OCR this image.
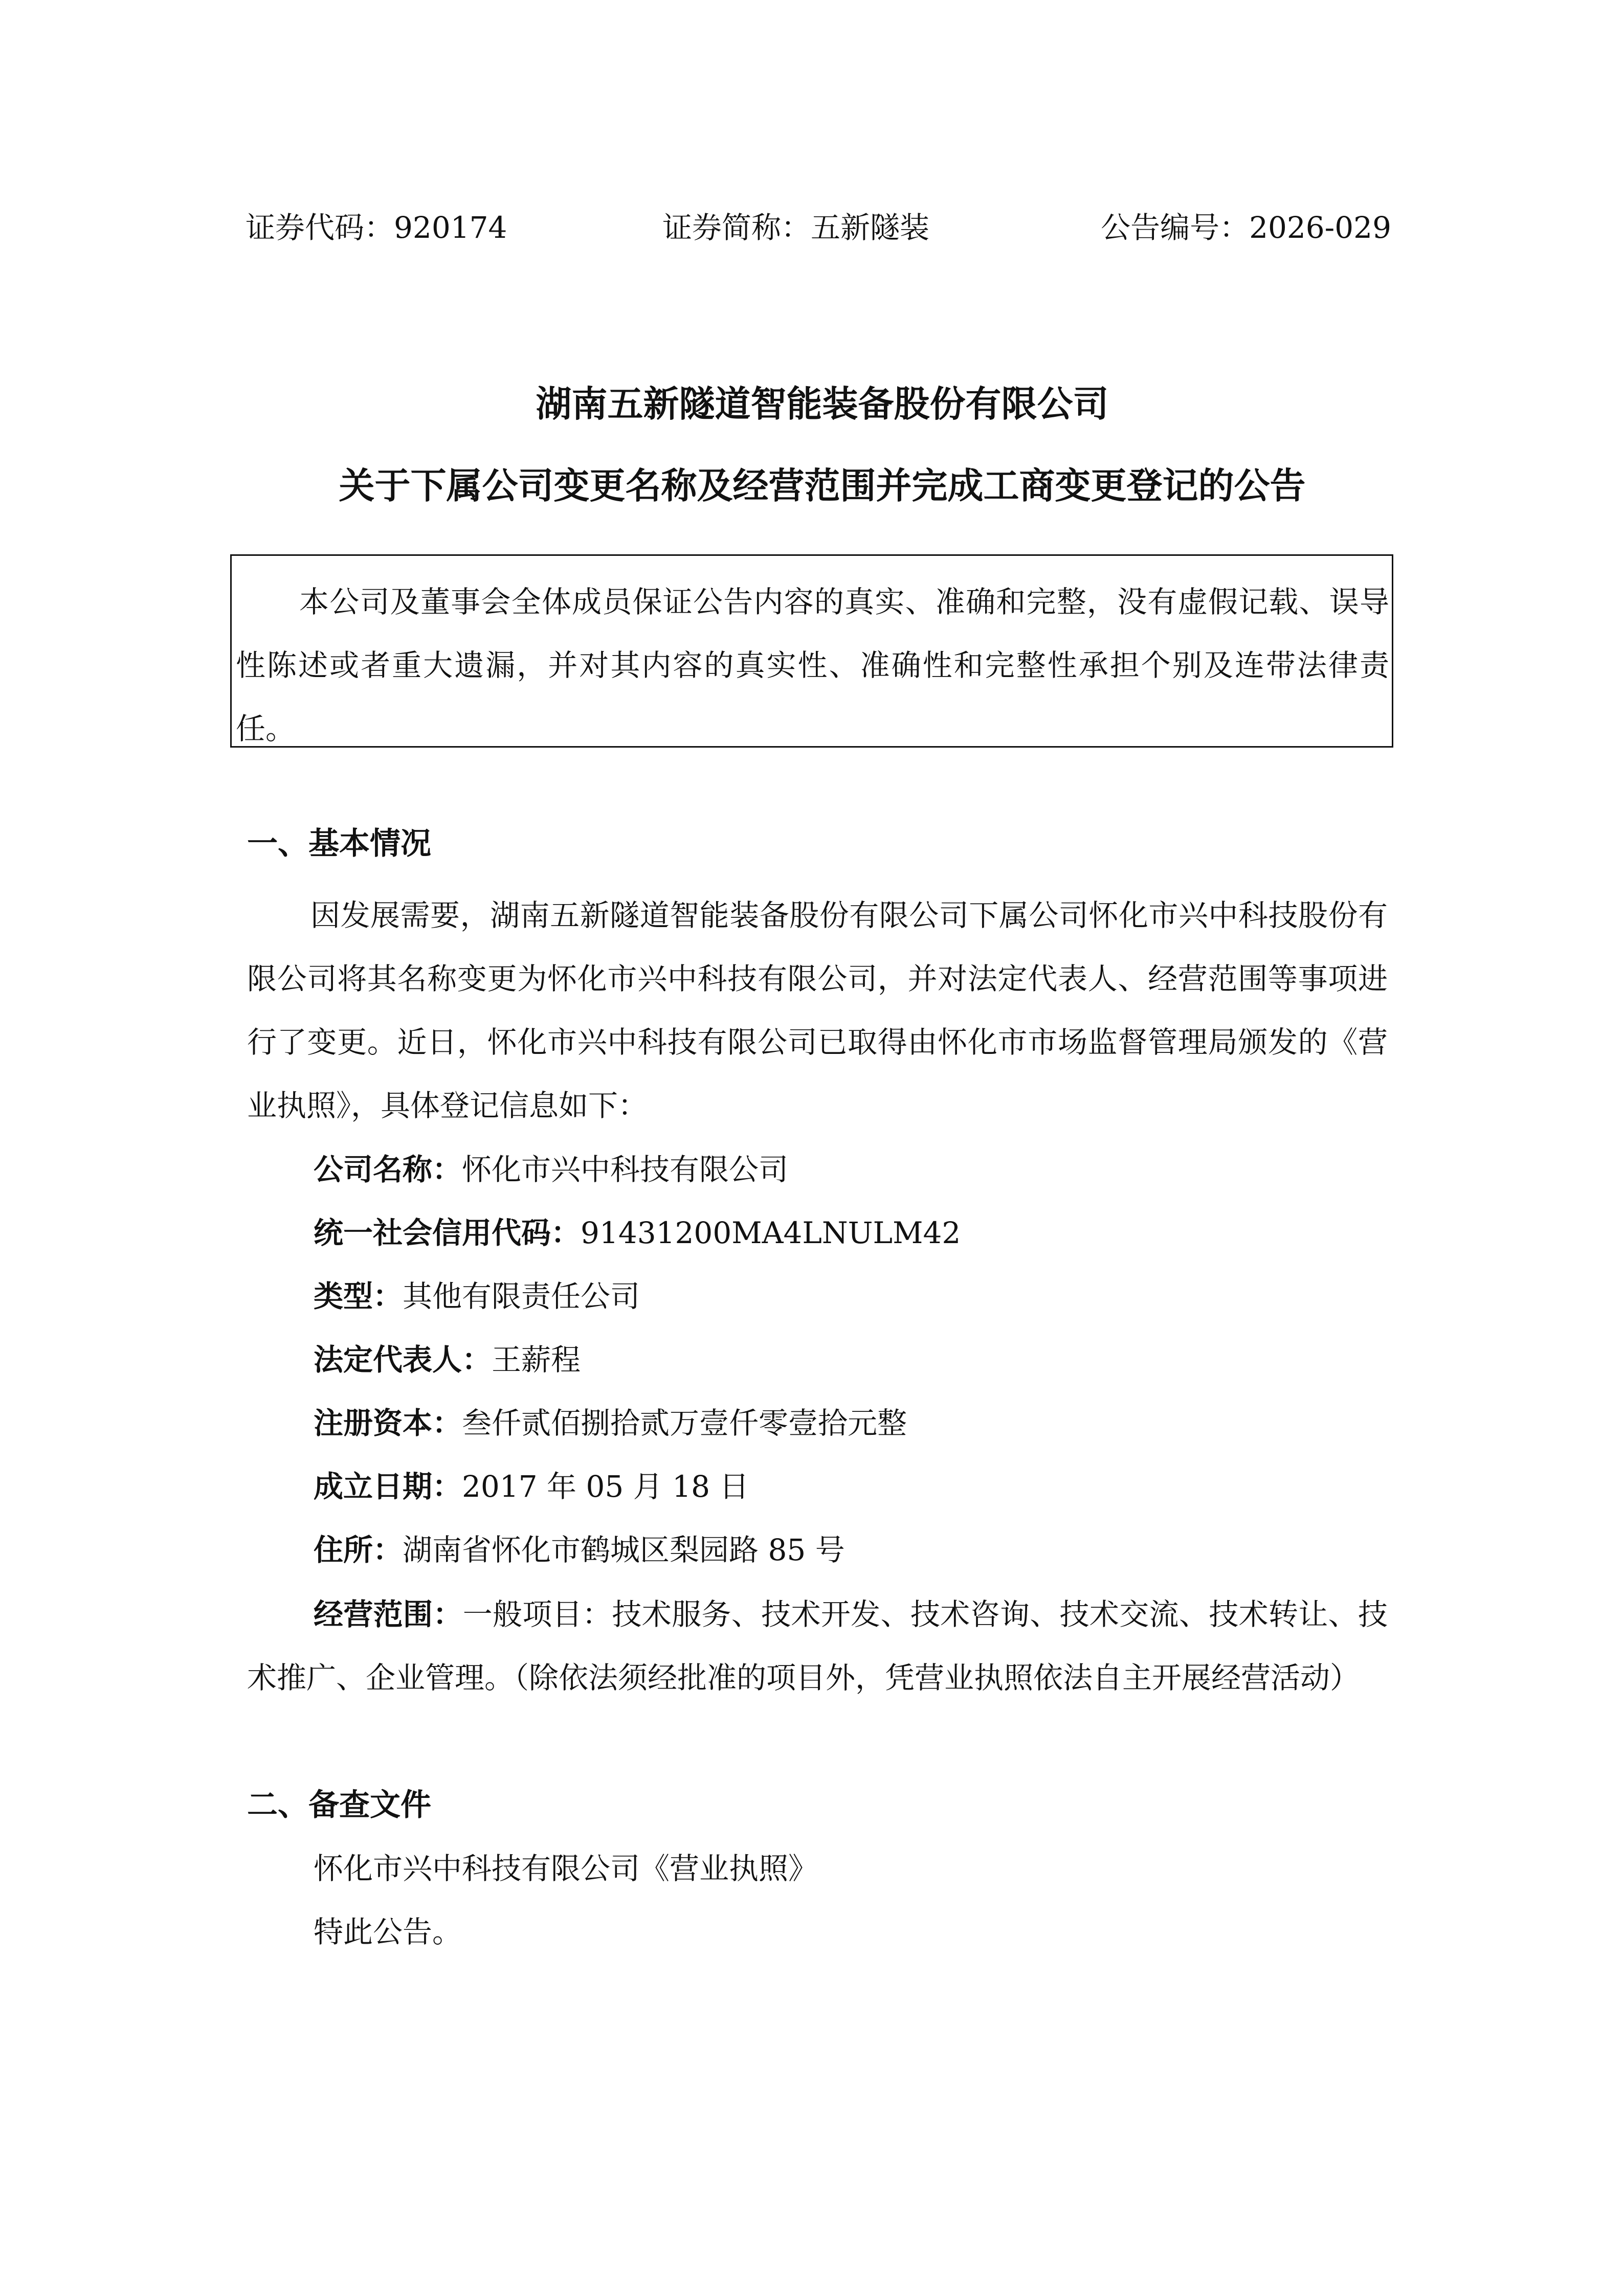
证券代码：920174	证券简称：五新隧装	公告编号：2026-029
湖南五新隧道智能装备股份有限公司
关于下属公司变更名称及经营范围并完成工商变更登记的公告

本公司及董事会全体成员保证公告内容的真实、准确和完整，没有虚假记载、误导性陈述或者重大遗漏，并对其内容的真实性、准确性和完整性承担个别及连带法律责任。

一、基本情况

因发展需要，湖南五新隧道智能装备股份有限公司下属公司怀化市兴中科技股份有限公司将其名称变更为怀化市兴中科技有限公司，并对法定代表人、经营范围等事项进行了变更。近日，怀化市兴中科技有限公司已取得由怀化市市场监督管理局颁发的《营业执照》，具体登记信息如下：

公司名称：怀化市兴中科技有限公司
统一社会信用代码：91431200MA4LNULM42
类型：其他有限责任公司
法定代表人：王薪程
注册资本：叁仟贰佰捌拾贰万壹仟零壹拾元整
成立日期：2017 年 05 月 18 日
住所：湖南省怀化市鹤城区梨园路 85 号

经营范围：一般项目：技术服务、技术开发、技术咨询、技术交流、技术转让、技术推广、企业管理。（除依法须经批准的项目外，凭营业执照依法自主开展经营活动）

二、备查文件
怀化市兴中科技有限公司《营业执照》
特此公告。
